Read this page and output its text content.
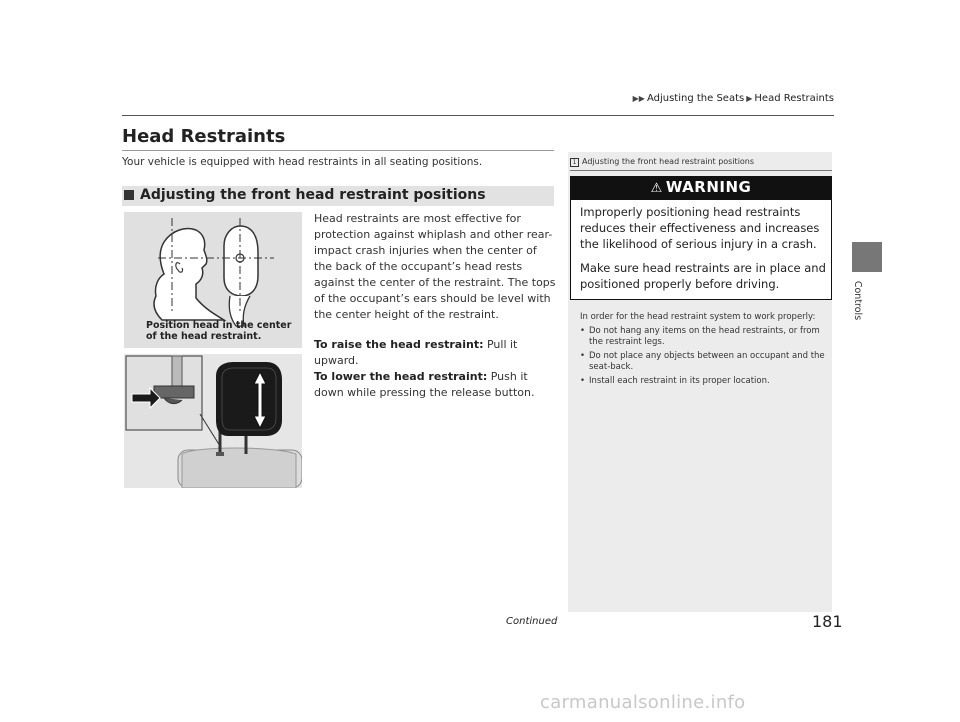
▶▶ Adjusting the Seats ▶ Head Restraints
Head Restraints
Your vehicle is equipped with head restraints in all seating positions.
Adjusting the front head restraint positions
Position head in the center
of the head restraint.

Head restraints are most effective for protection against whiplash and other rear-impact crash injuries when the center of the back of the occupant’s head rests against the center of the restraint. The tops of the occupant’s ears should be level with the center height of the restraint.

To raise the head restraint: Pull it upward.
To lower the head restraint: Push it down while pressing the release button.
1 Adjusting the front head restraint positions
⚠ WARNING
Improperly positioning head restraints reduces their effectiveness and increases the likelihood of serious injury in a crash.
Make sure head restraints are in place and positioned properly before driving.

In order for the head restraint system to work properly:

• Do not hang any items on the head restraints, or from the restraint legs.
• Do not place any objects between an occupant and the seat-back.
• Install each restraint in its proper location.
Controls
Continued	181
carmanualsonline.info
